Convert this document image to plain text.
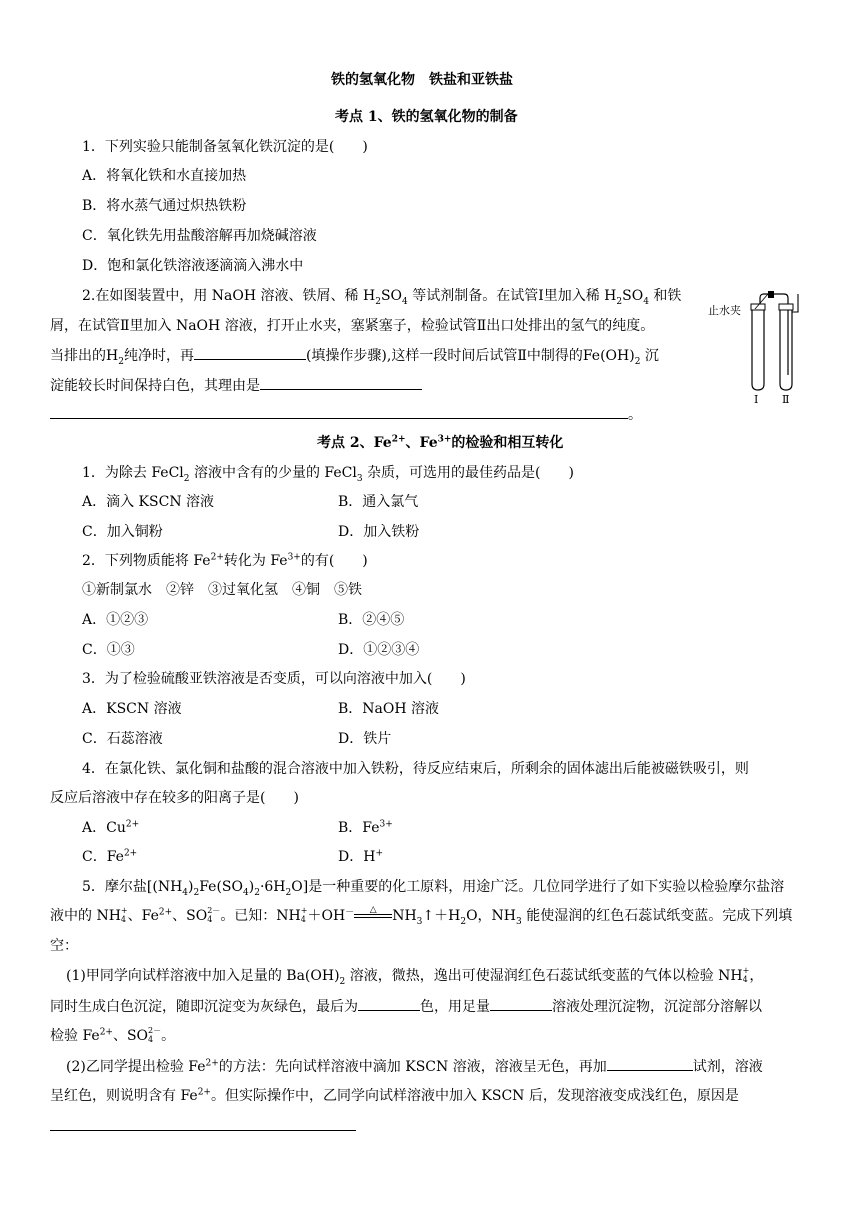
铁的氢氧化物　铁盐和亚铁盐
考点 1、铁的氢氧化物的制备
1．下列实验只能制备氢氧化铁沉淀的是(　　)
A．将氧化铁和水直接加热
B．将水蒸气通过炽热铁粉
C．氧化铁先用盐酸溶解再加烧碱溶液
D．饱和氯化铁溶液逐滴滴入沸水中
2.在如图装置中，用 NaOH 溶液、铁屑、稀 $H_2SO_4$ 等试剂制备。在试管Ⅰ里加入稀 $H_2SO_4$ 和铁
屑，在试管Ⅱ里加入 NaOH 溶液，打开止水夹，塞紧塞子，检验试管Ⅱ出口处排出的氢气的纯度。
当排出的$H_2$纯净时，再	(填操作步骤),这样一段时间后试管Ⅱ中制得的$Fe(OH)_2$ 沉
淀能较长时间保持白色，其理由是
。
止水夹
Ⅰ Ⅱ
考点 2、$Fe^{2+}$、$Fe^{3+}$的检验和相互转化
1．为除去 FeCl$_2$ 溶液中含有的少量的 FeCl$_3$ 杂质，可选用的最佳药品是(　　)
A．滴入 KSCN 溶液	B．通入氯气
C．加入铜粉	D．加入铁粉
2．下列物质能将 $Fe^{2+}$转化为 $Fe^{3+}$的有(　　)
①新制氯水　②锌　③过氧化氢　④铜　⑤铁
A．①②③	B．②④⑤
C．①③	D．①②③④
3．为了检验硫酸亚铁溶液是否变质，可以向溶液中加入(　　)
A．KSCN 溶液	B．NaOH 溶液
C．石蕊溶液	D．铁片
4．在氯化铁、氯化铜和盐酸的混合溶液中加入铁粉，待反应结束后，所剩余的固体滤出后能被磁铁吸引，则
反应后溶液中存在较多的阳离子是(　　)
A．$Cu^{2+}$	B．$Fe^{3+}$
C．$Fe^{2+}$	D．H+
5．摩尔盐$[(NH_4)_2Fe(SO_4)_2\cdot 6H_2O]$是一种重要的化工原料，用途广泛。几位同学进行了如下实验以检验摩尔盐溶
液中的 NH +
4 、$Fe^{2+}$、SO 2－
4 。已知：NH +
4 ＋OH－	△	$NH_3↑+H_2O$，$NH_3$ 能使湿润的红色石蕊试纸变蓝。完成下列填
空：
(1)甲同学向试样溶液中加入足量的 $Ba(OH)_2$ 溶液，微热，逸出可使湿润红色石蕊试纸变蓝的气体以检验 NH +
4 ，
同时生成白色沉淀，随即沉淀变为灰绿色，最后为	色，用足量	溶液处理沉淀物，沉淀部分溶解以
检验 $Fe^{2+}$、SO 2－
4 。
(2)乙同学提出检验 $Fe^{2+}$的方法：先向试样溶液中滴加 KSCN 溶液，溶液呈无色，再加	试剂，溶液
呈红色，则说明含有 $Fe^{2+}$。但实际操作中，乙同学向试样溶液中加入 KSCN 后，发现溶液变成浅红色，原因是
